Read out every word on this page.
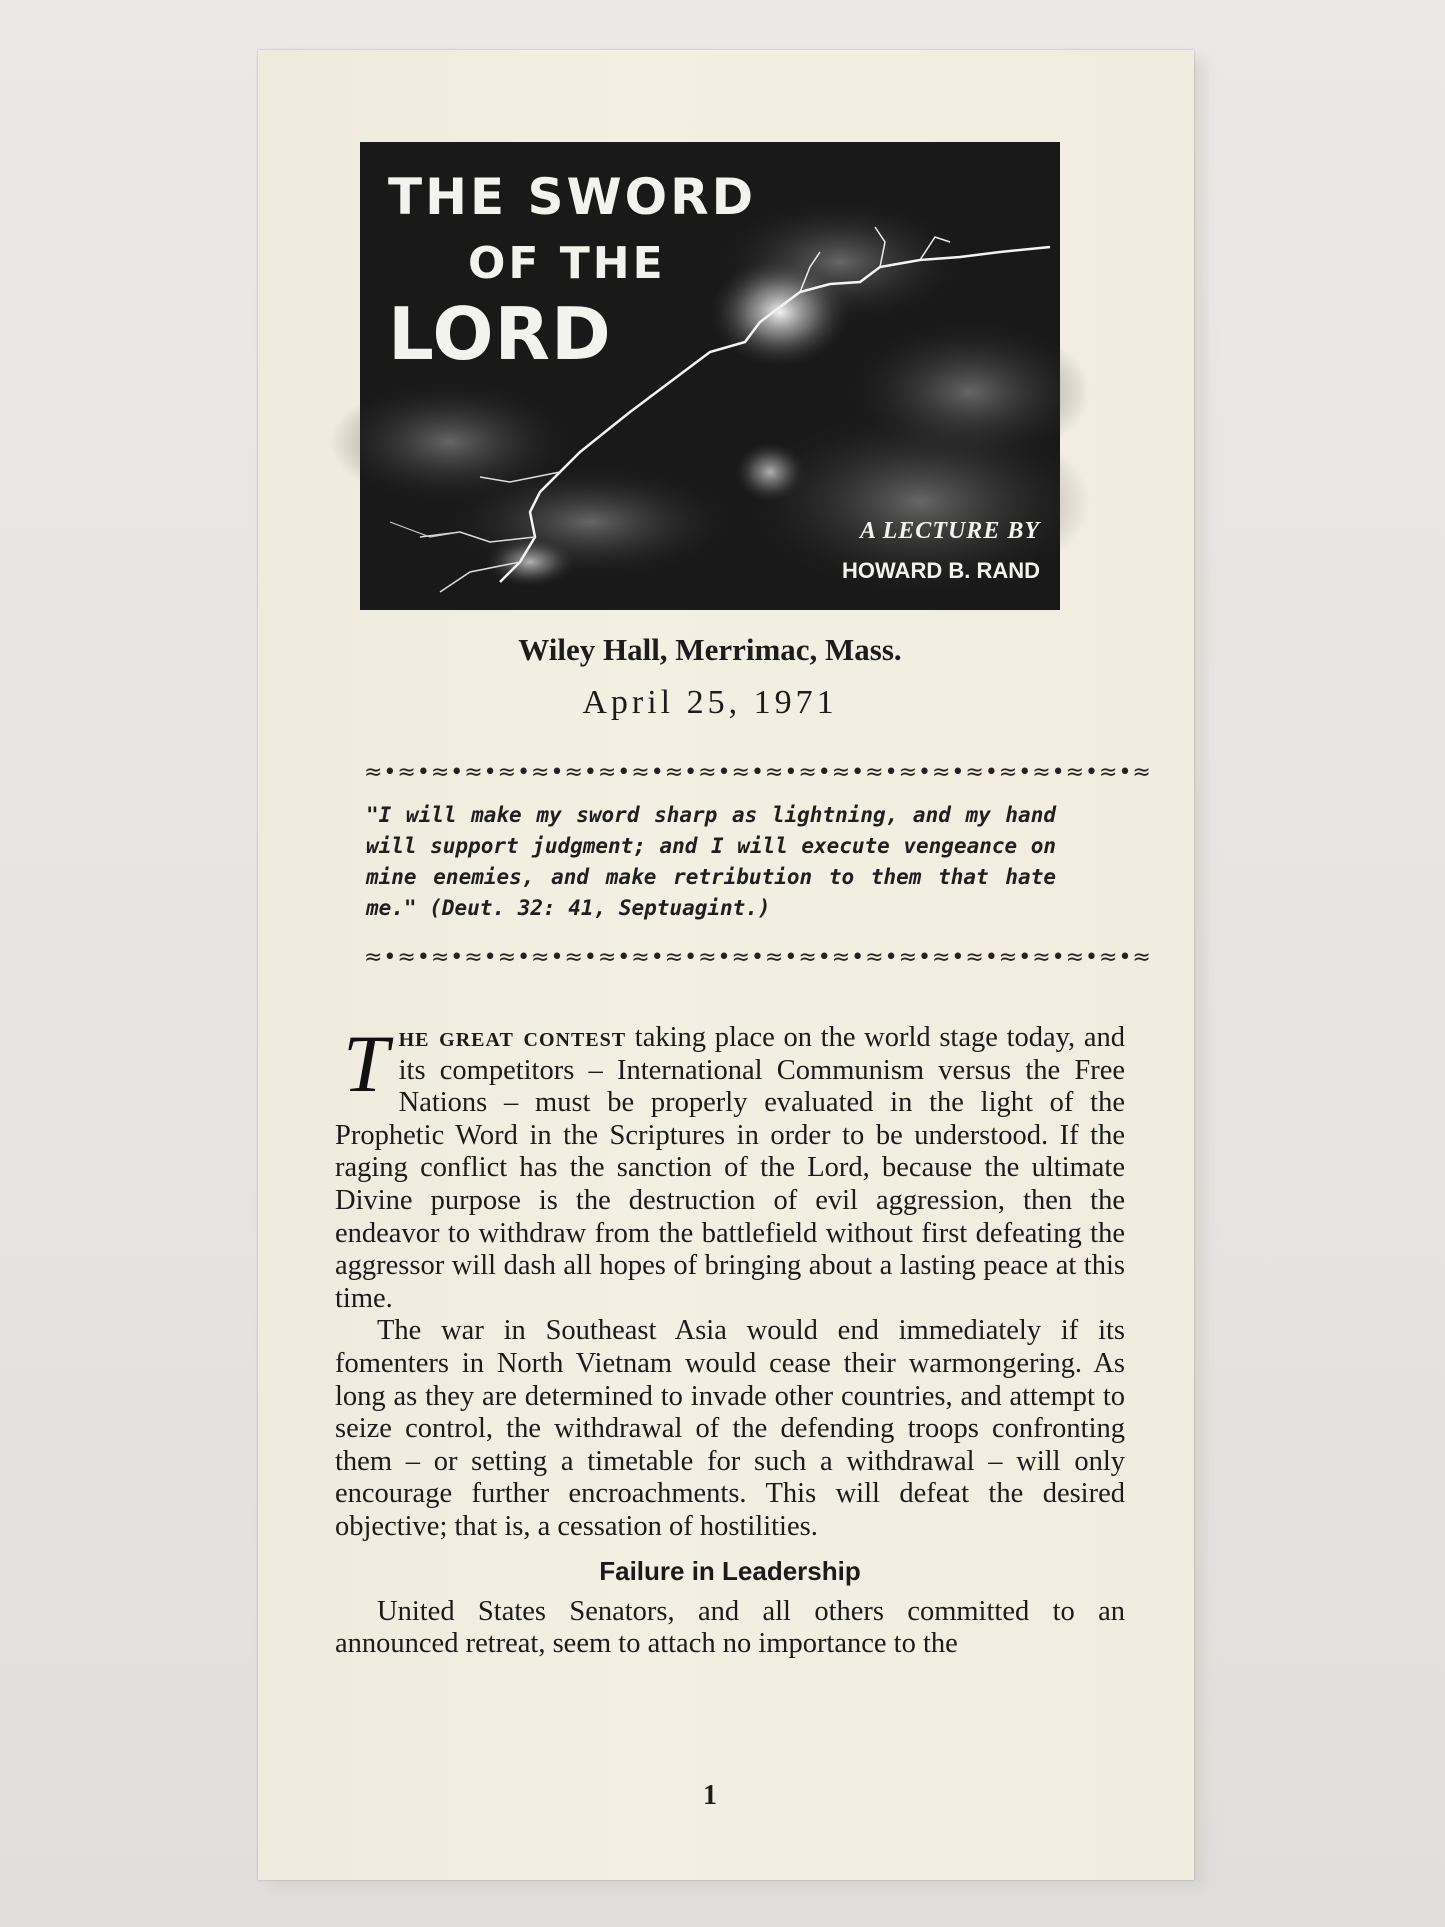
THE SWORD

OF THE

LORD

A LECTURE BY

HOWARD B. RAND

Wiley Hall, Merrimac, Mass.

April 25, 1971

≈•≈•≈•≈•≈•≈•≈•≈•≈•≈•≈•≈•≈•≈•≈•≈•≈•≈•≈•≈•≈•≈•≈•≈

"I will make my sword sharp as lightning, and my hand will support judgment; and I will execute vengeance on mine enemies, and make retribution to them that hate me." (Deut. 32: 41, Septuagint.)

≈•≈•≈•≈•≈•≈•≈•≈•≈•≈•≈•≈•≈•≈•≈•≈•≈•≈•≈•≈•≈•≈•≈•≈

The great contest taking place on the world stage today, and its competitors – International Communism versus the Free Nations – must be properly evaluated in the light of the Prophetic Word in the Scriptures in order to be understood. If the raging conflict has the sanction of the Lord, because the ultimate Divine purpose is the destruction of evil aggression, then the endeavor to withdraw from the battlefield without first defeating the aggressor will dash all hopes of bringing about a lasting peace at this time.

The war in Southeast Asia would end immediately if its fomenters in North Vietnam would cease their warmongering. As long as they are determined to invade other countries, and attempt to seize control, the withdrawal of the defending troops confronting them – or setting a timetable for such a withdrawal – will only encourage further encroachments. This will defeat the desired objective; that is, a cessation of hostilities.

Failure in Leadership

United States Senators, and all others committed to an announced retreat, seem to attach no importance to the

1
